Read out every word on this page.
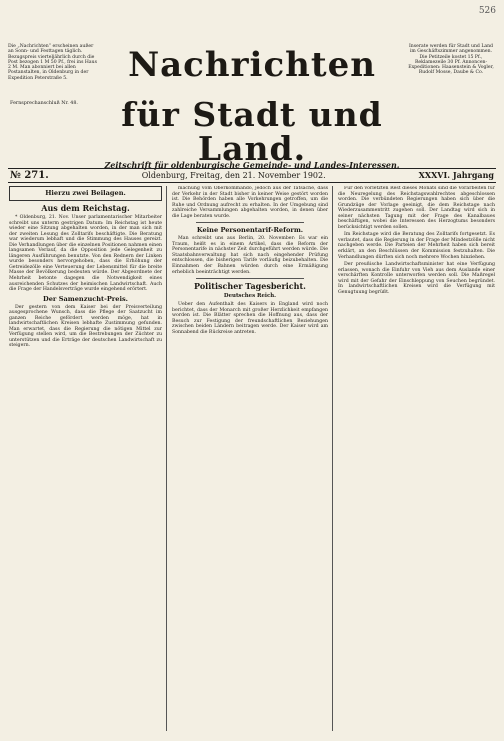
526
Die „Nachrichten“ erscheinen außer an Sonn- und Festtagen täglich. Bezugspreis vierteljährlich durch die Post bezogen 1 M 50 Pf., frei ins Haus 2 M. Man abonniert bei allen Postanstalten, in Oldenburg in der Expedition Peterstraße 5.
Fernsprechanschluß Nr. 48.
Inserate werden für Stadt und Land im Geschäftszimmer angenommen. Die Petitzeile kostet 15 Pf., Reklamezeile 30 Pf. Annoncen-Expeditionen: Haasenstein & Vogler, Rudolf Mosse, Daube & Co.
Nachrichten
für Stadt und Land.
Zeitschrift für oldenburgische Gemeinde- und Landes-Interessen.
№ 271.	Oldenburg, Freitag, den 21. November 1902.	XXXVI. Jahrgang
Hierzu zwei Beilagen.
Aus dem Reichstag.

* Oldenburg, 21. Nov. Unser parlamentarischer Mitarbeiter schreibt uns unterm gestrigen Datum: Im Reichstag ist heute wieder eine Sitzung abgehalten worden, in der man sich mit der zweiten Lesung des Zolltarifs beschäftigte. Die Beratung war wiederum lebhaft und die Stimmung des Hauses gereizt. Die Verhandlungen über die einzelnen Positionen nahmen einen langsamen Verlauf, da die Opposition jede Gelegenheit zu längeren Ausführungen benutzte. Von den Rednern der Linken wurde besonders hervorgehoben, dass die Erhöhung der Getreidezölle eine Verteuerung der Lebensmittel für die breite Masse der Bevölkerung bedeuten würde. Der Abgeordnete der Mehrheit betonte dagegen die Notwendigkeit eines ausreichenden Schutzes der heimischen Landwirtschaft. Auch die Frage der Handelsverträge wurde eingehend erörtert.

Der Samenzucht-Preis.

Der gestern von dem Kaiser bei der Preisverteilung ausgesprochene Wunsch, dass die Pflege der Saatzucht im ganzen Reiche gefördert werden möge, hat in landwirtschaftlichen Kreisen lebhafte Zustimmung gefunden. Man erwartet, dass die Regierung die nötigen Mittel zur Verfügung stellen wird, um die Bestrebungen der Züchter zu unterstützen und die Erträge der deutschen Landwirtschaft zu steigern.

machung vom Oberkommando, jedoch aus der Tatsache, dass der Verkehr in der Stadt bisher in keiner Weise gestört worden ist. Die Behörden haben alle Vorkehrungen getroffen, um die Ruhe und Ordnung aufrecht zu erhalten. In der Umgebung sind zahlreiche Versammlungen abgehalten worden, in denen über die Lage beraten wurde.

Keine Personentarif-Reform.

Man schreibt uns aus Berlin, 20. November: Es war ein Traum, heißt es in einem Artikel, dass die Reform der Personentarife in nächster Zeit durchgeführt werden würde. Die Staatsbahnverwaltung hat sich nach eingehender Prüfung entschlossen, die bisherigen Tarife vorläufig beizubehalten. Die Einnahmen der Bahnen würden durch eine Ermäßigung erheblich beeinträchtigt werden.

Politischer Tagesbericht.
Deutsches Reich.

Ueber den Aufenthalt des Kaisers in England wird noch berichtet, dass der Monarch mit großer Herzlichkeit empfangen worden ist. Die Blätter sprechen die Hoffnung aus, dass der Besuch zur Festigung der freundschaftlichen Beziehungen zwischen beiden Ländern beitragen werde. Der Kaiser wird am Sonnabend die Rückreise antreten.

Für den vorletzten Rest dieses Monats sind die Vorarbeiten für die Neuregelung des Reichstagswahlrechtes abgeschlossen worden. Die verbündeten Regierungen haben sich über die Grundzüge der Vorlage geeinigt, die dem Reichstage nach Wiederzusammentritt zugehen soll. Der Landtag wird sich in seiner nächsten Tagung mit der Frage des Kanalbaues beschäftigen, wobei die Interessen des Herzogtums besonders berücksichtigt werden sollen.

Im Reichstage wird die Beratung des Zolltarifs fortgesetzt. Es verlautet, dass die Regierung in der Frage der Mindestzölle nicht nachgeben werde. Die Parteien der Mehrheit haben sich bereit erklärt, an den Beschlüssen der Kommission festzuhalten. Die Verhandlungen dürften sich noch mehrere Wochen hinziehen.

Der preußische Landwirtschaftsminister hat eine Verfügung erlassen, wonach die Einfuhr von Vieh aus dem Auslande einer verschärften Kontrolle unterworfen werden soll. Die Maßregel wird mit der Gefahr der Einschleppung von Seuchen begründet. In landwirtschaftlichen Kreisen wird die Verfügung mit Genugtuung begrüßt.
